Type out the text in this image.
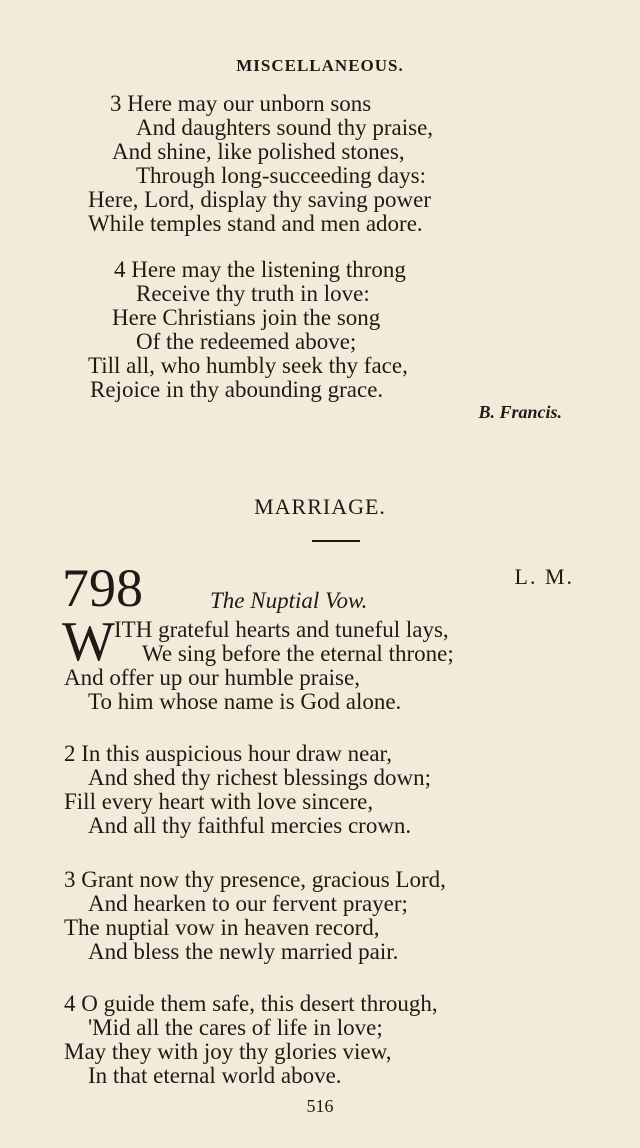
MISCELLANEOUS.
3 Here may our unborn sons
And daughters sound thy praise,
And shine, like polished stones,
Through long-succeeding days:
Here, Lord, display thy saving power
While temples stand and men adore.
4 Here may the listening throng
Receive thy truth in love:
Here Christians join the song
Of the redeemed above;
Till all, who humbly seek thy face,
Rejoice in thy abounding grace.
B. Francis.
MARRIAGE.
798	L. M.
The Nuptial Vow.
W ITH grateful hearts and tuneful lays,
We sing before the eternal throne;
And offer up our humble praise,
To him whose name is God alone.
2 In this auspicious hour draw near,
And shed thy richest blessings down;
Fill every heart with love sincere,
And all thy faithful mercies crown.
3 Grant now thy presence, gracious Lord,
And hearken to our fervent prayer;
The nuptial vow in heaven record,
And bless the newly married pair.
4 O guide them safe, this desert through,
'Mid all the cares of life in love;
May they with joy thy glories view,
In that eternal world above.
516
